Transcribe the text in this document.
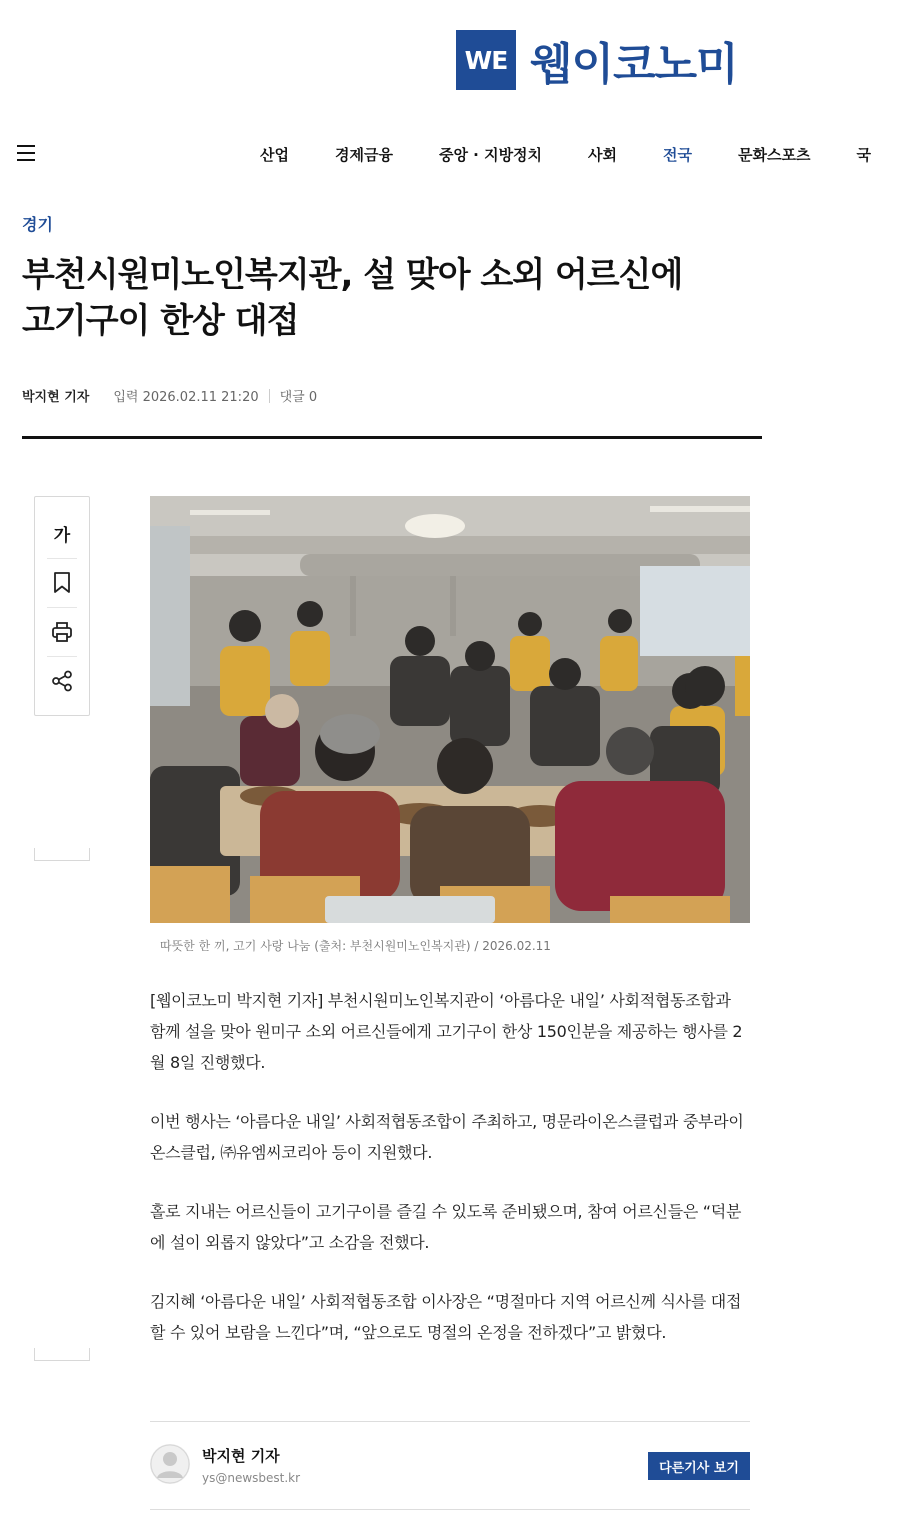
WE 웹이코노미
산업	경제금융	중앙 · 지방정치	사회	전국	문화스포츠	국
경기
부천시원미노인복지관, 설 맞아 소외 어르신에
고기구이 한상 대접
박지현 기자 입력 2026.02.11 21:20 댓글 0
가
따뜻한 한 끼, 고기 사랑 나눔 (출처: 부천시원미노인복지관) / 2026.02.11

[웹이코노미 박지현 기자] 부천시원미노인복지관이 ‘아름다운 내일’ 사회적협동조합과 함께 설을 맞아 원미구 소외 어르신들에게 고기구이 한상 150인분을 제공하는 행사를 2월 8일 진행했다.

이번 행사는 ‘아름다운 내일’ 사회적협동조합이 주최하고, 명문라이온스클럽과 중부라이온스클럽, ㈜유엠씨코리아 등이 지원했다.

홀로 지내는 어르신들이 고기구이를 즐길 수 있도록 준비됐으며, 참여 어르신들은 “덕분에 설이 외롭지 않았다”고 소감을 전했다.

김지혜 ‘아름다운 내일’ 사회적협동조합 이사장은 “명절마다 지역 어르신께 식사를 대접할 수 있어 보람을 느낀다”며, “앞으로도 명절의 온정을 전하겠다”고 밝혔다.

박지현 기자
ys@newsbest.kr
다른기사 보기
